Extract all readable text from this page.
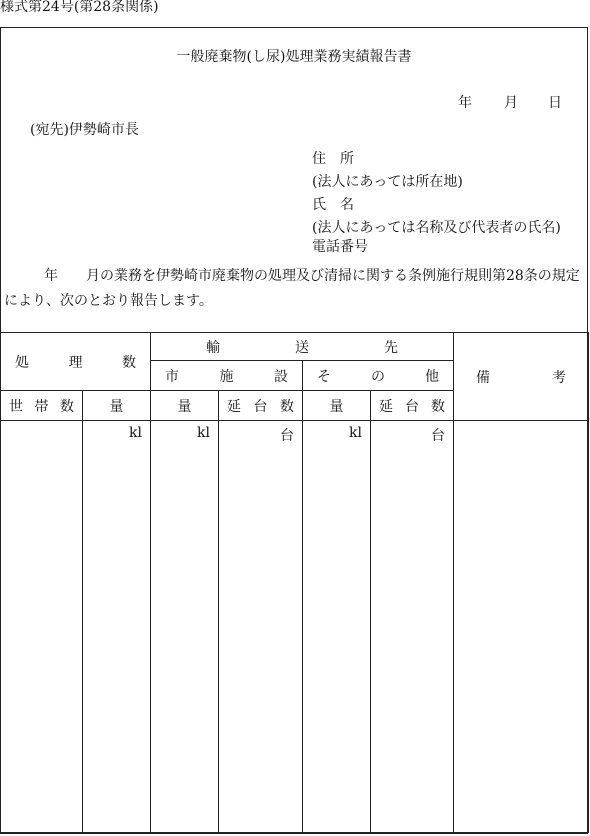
様式第24号(第28条関係)
一般廃棄物(し尿)処理業務実績報告書
年 月 日
(宛先)伊勢崎市長
住　所
(法人にあっては所在地)
氏　名
(法人にあっては名称及び代表者の氏名)
電話番号
年　　月の業務を伊勢崎市廃棄物の処理及び清掃に関する条例施行規則第28条の規定により、次のとおり報告します。
処　理　数		輸　　送　　先				備　　考
		市　施　設		そ　の　他		
世帯数	量	量	延台数	量	延台数	
	kl	kl	台	kl	台	
